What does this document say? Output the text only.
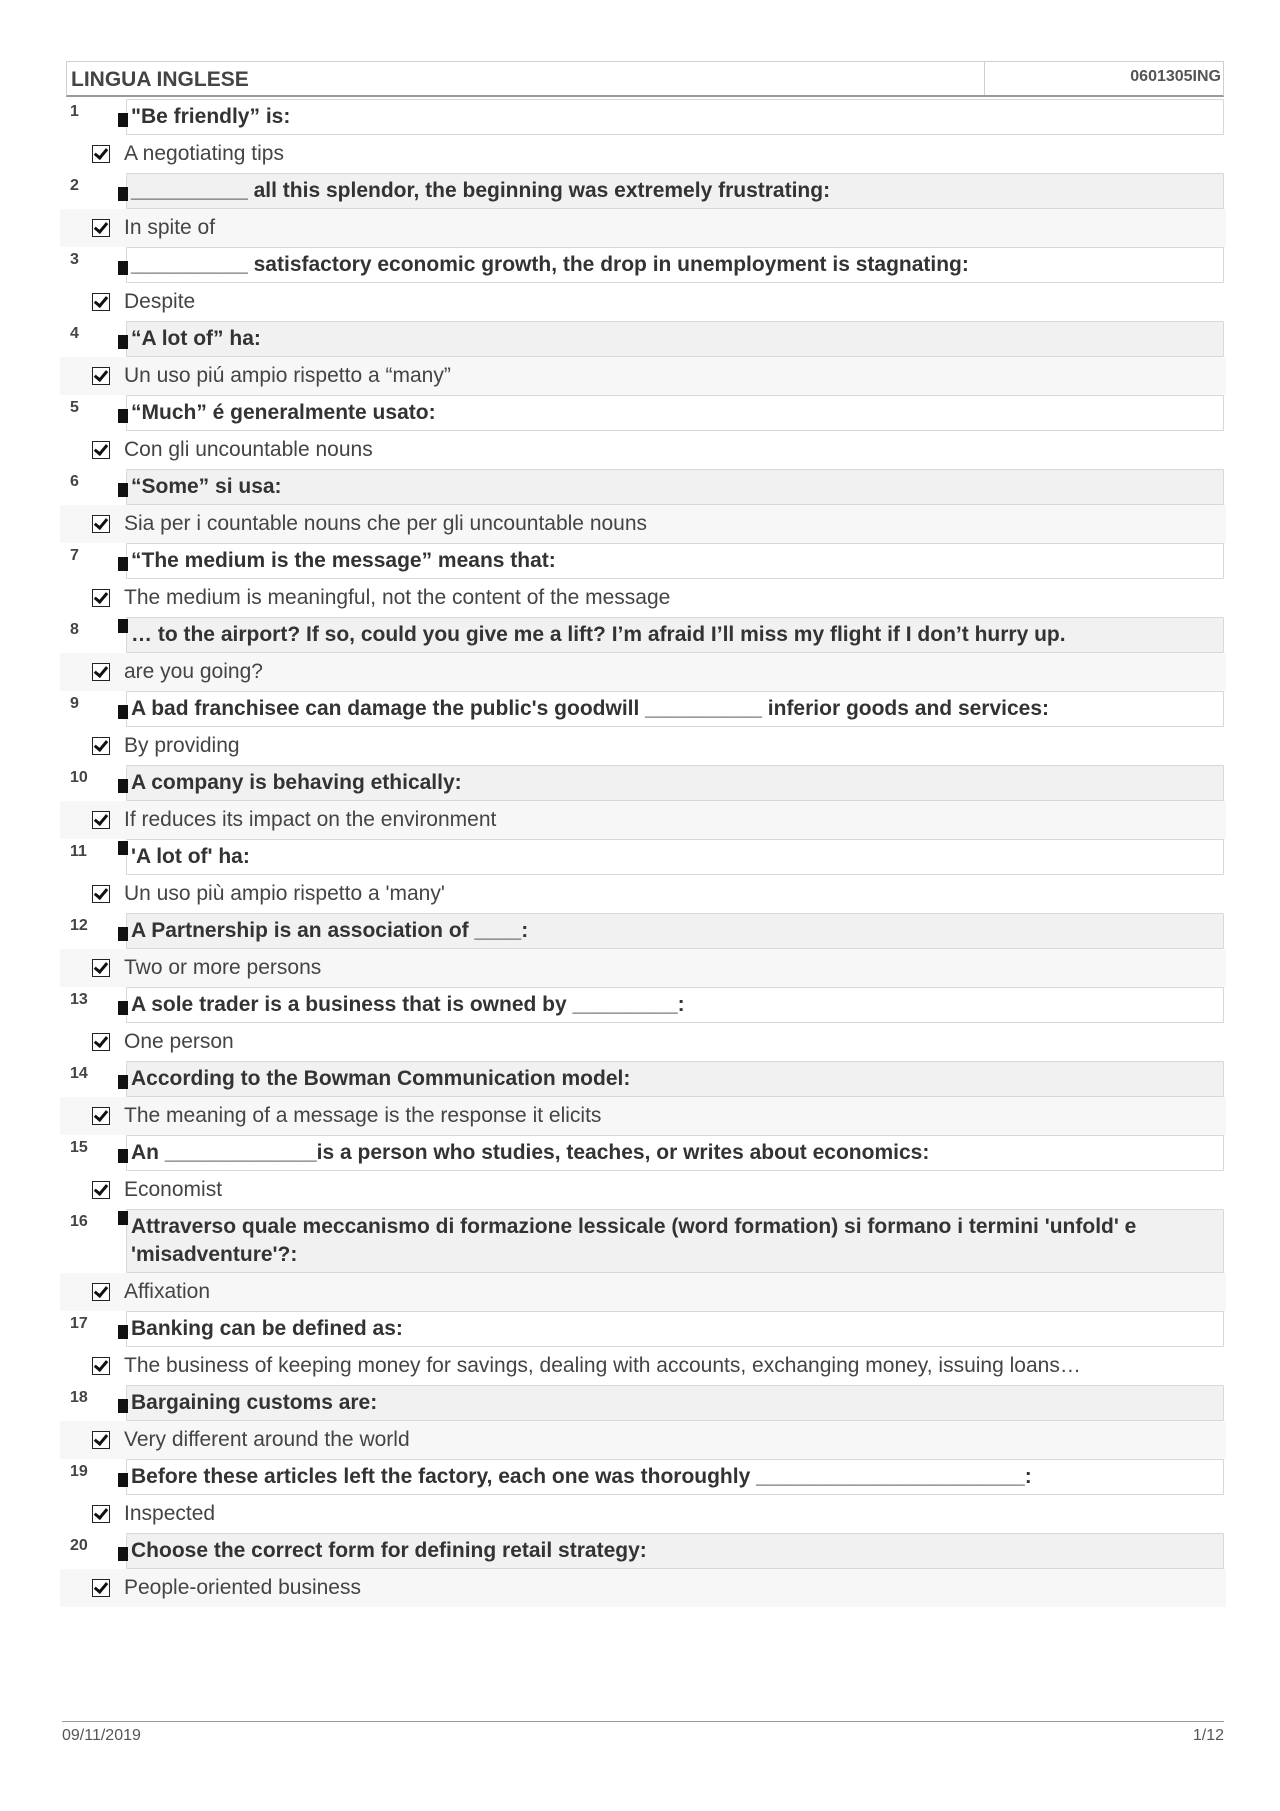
LINGUA INGLESE	0601305ING
1	"Be friendly” is:
A negotiating tips
2	__________ all this splendor, the beginning was extremely frustrating:
In spite of
3	__________ satisfactory economic growth, the drop in unemployment is stagnating:
Despite
4	“A lot of” ha:
Un uso piú ampio rispetto a “many”
5	“Much” é generalmente usato:
Con gli uncountable nouns
6	“Some” si usa:
Sia per i countable nouns che per gli uncountable nouns
7	“The medium is the message” means that:
The medium is meaningful, not the content of the message
8	… to the airport? If so, could you give me a lift? I’m afraid I’ll miss my flight if I don’t hurry up.
are you going?
9	A bad franchisee can damage the public's goodwill __________ inferior goods and services:
By providing
10	A company is behaving ethically:
If reduces its impact on the environment
11	'A lot of' ha:
Un uso più ampio rispetto a 'many'
12	A Partnership is an association of ____:
Two or more persons
13	A sole trader is a business that is owned by _________:
One person
14	According to the Bowman Communication model:
The meaning of a message is the response it elicits
15	An _____________is a person who studies, teaches, or writes about economics:
Economist
16	Attraverso quale meccanismo di formazione lessicale (word formation) si formano i termini 'unfold' e 'misadventure'?:
Affixation
17	Banking can be defined as:
The business of keeping money for savings, dealing with accounts, exchanging money, issuing loans…
18	Bargaining customs are:
Very different around the world
19	Before these articles left the factory, each one was thoroughly _______________________:
Inspected
20	Choose the correct form for defining retail strategy:
People-oriented business
09/11/2019	1/12
